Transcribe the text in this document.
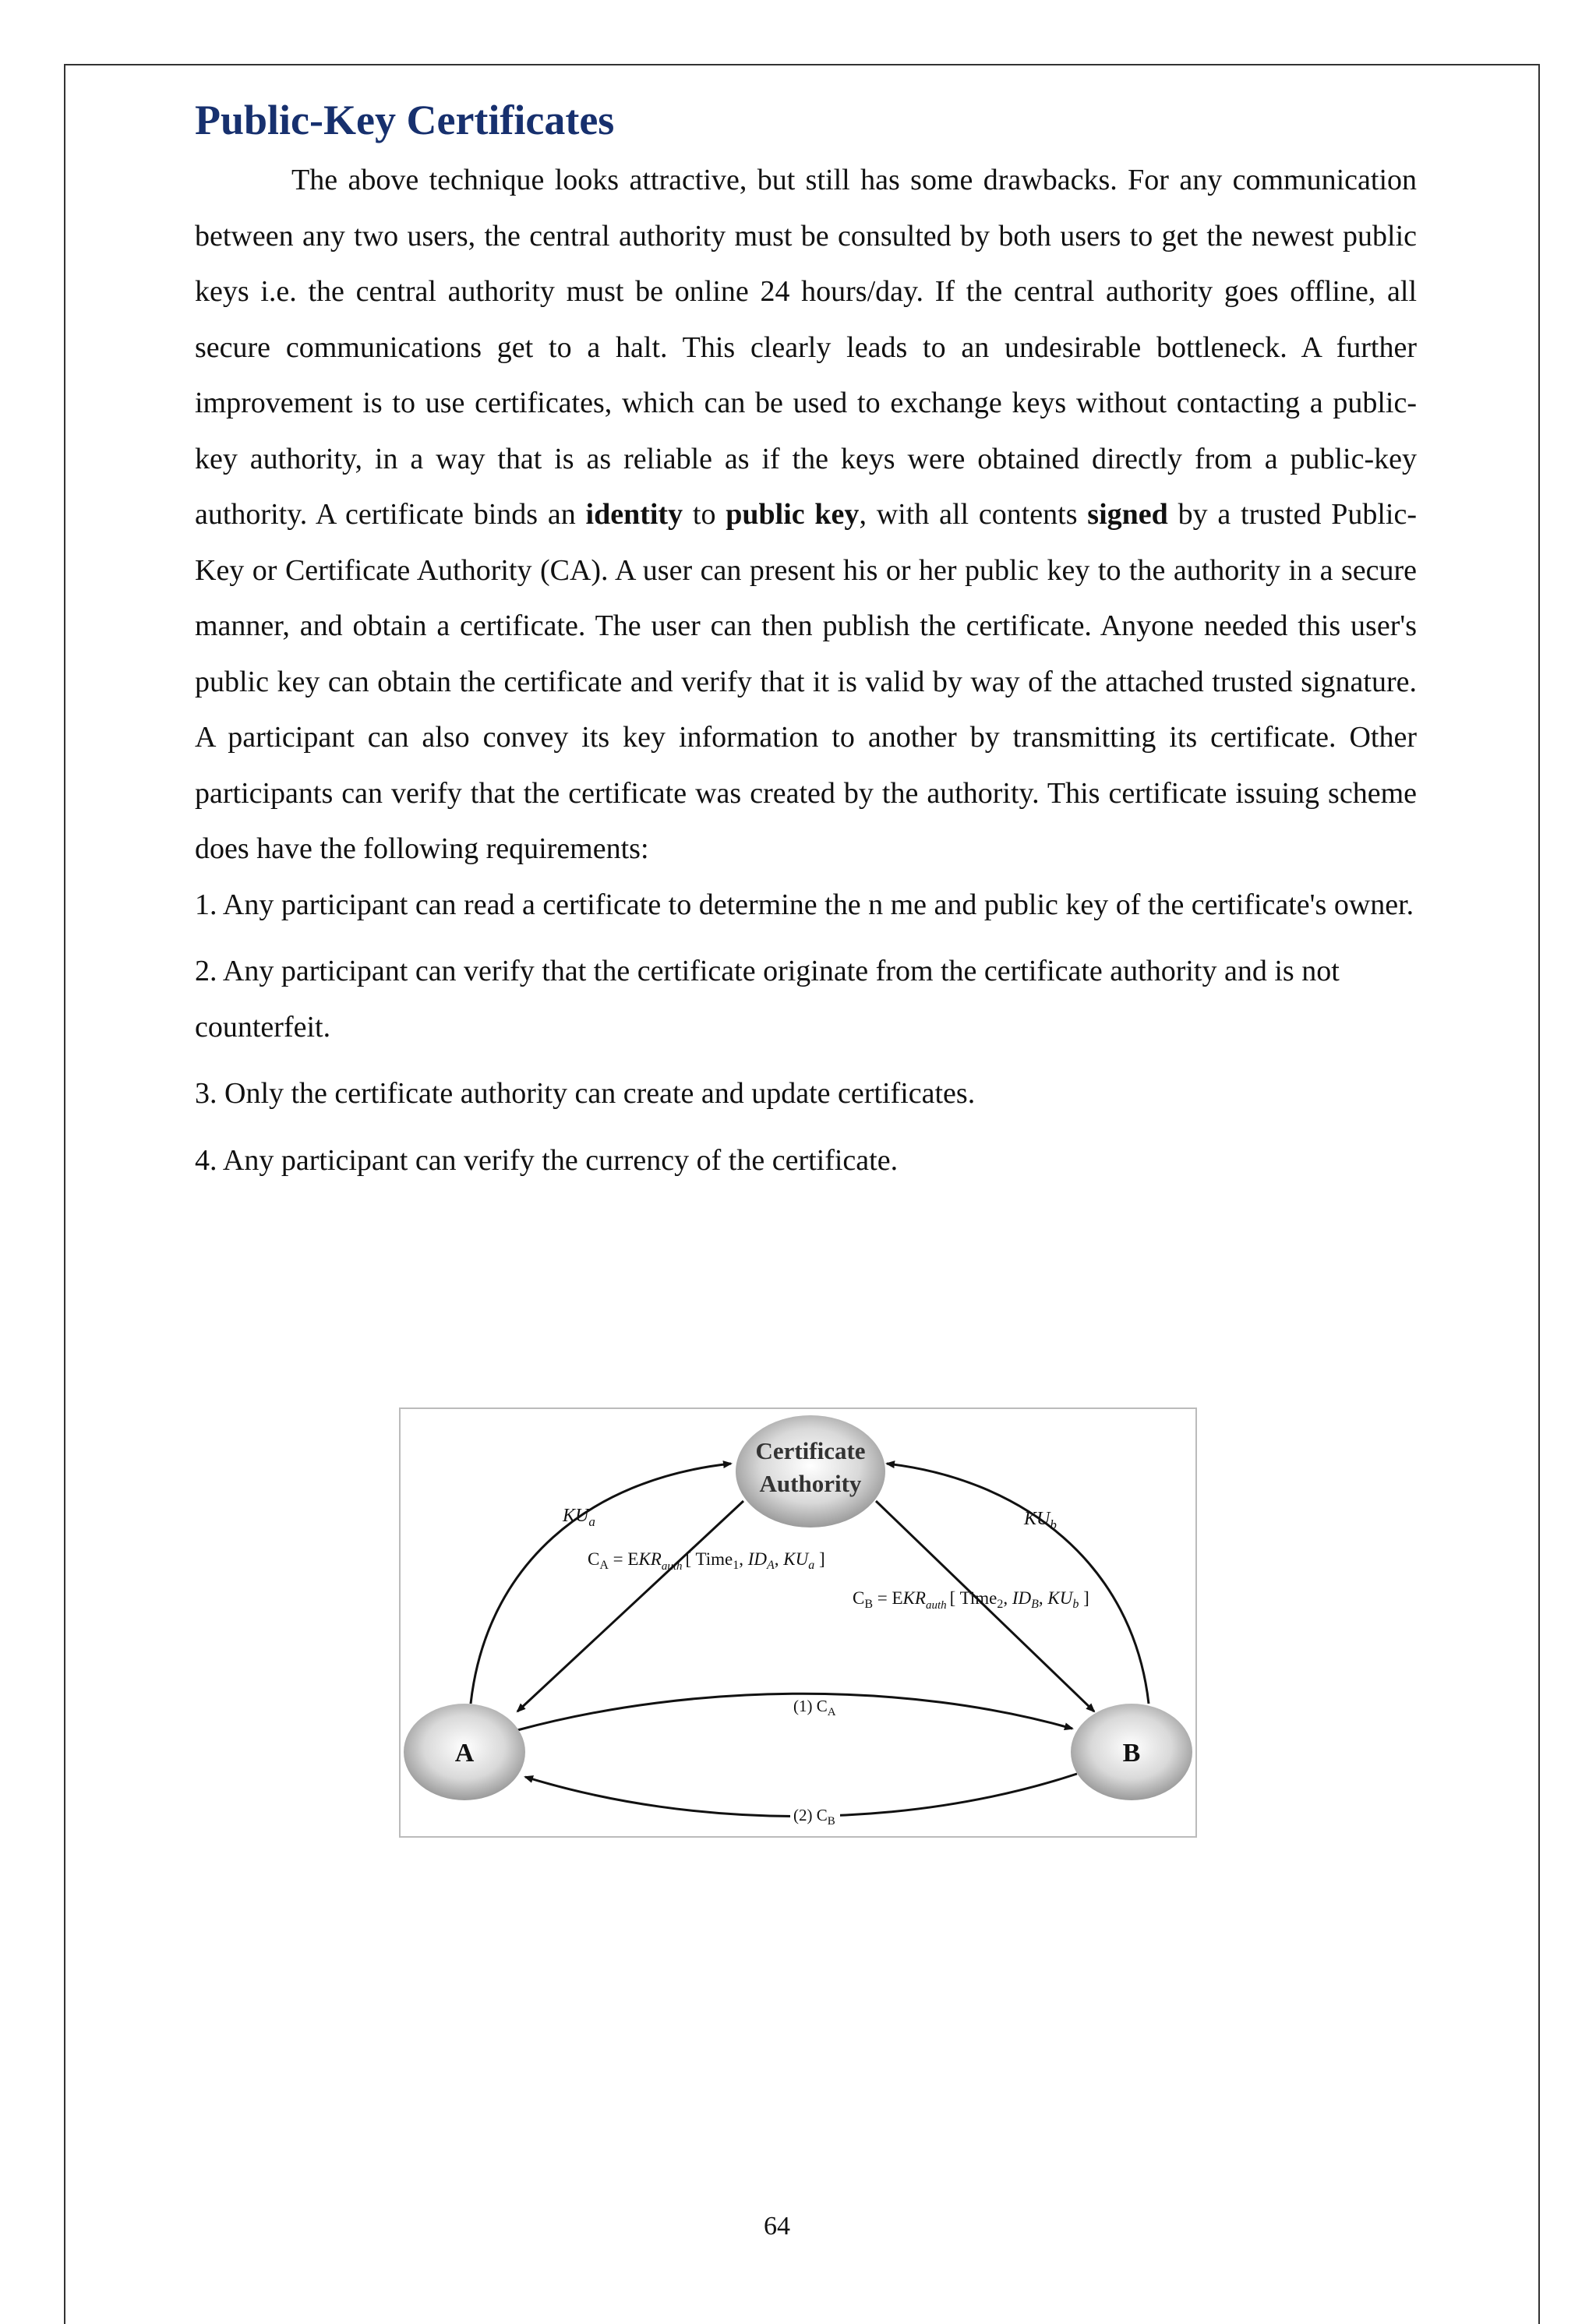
Public-Key Certificates

The above technique looks attractive, but still has some drawbacks. For any communication between any two users, the central authority must be consulted by both users to get the newest public keys i.e. the central authority must be online 24 hours/day. If the central authority goes offline, all secure communications get to a halt. This clearly leads to an undesirable bottleneck. A further improvement is to use certificates, which can be used to exchange keys without contacting a public-key authority, in a way that is as reliable as if the keys were obtained directly from a public-key authority. A certificate binds an identity to public key, with all contents signed by a trusted Public-Key or Certificate Authority (CA). A user can present his or her public key to the authority in a secure manner, and obtain a certificate. The user can then publish the certificate. Anyone needed this user's public key can obtain the certificate and verify that it is valid by way of the attached trusted signature. A participant can also convey its key information to another by transmitting its certificate. Other participants can verify that the certificate was created by the authority. This certificate issuing scheme does have the following requirements:

1. Any participant can read a certificate to determine the n me and public key of the certificate's owner.

2. Any participant can verify that the certificate originate from the certificate authority and is not counterfeit.

3. Only the certificate authority can create and update certificates.

4. Any participant can verify the currency of the certificate.

Certificate
Authority
A	B
$KU_a$	$KU_b$
$C_A = EKR_{auth}$ [ Time$_1$, $ID_A$, $KU_a$ ]
$C_B = EKR_{auth}$ [ Time$_2$, $ID_B$, $KU_b$ ]
(1) $C_A$
(2) $C_B$
64
